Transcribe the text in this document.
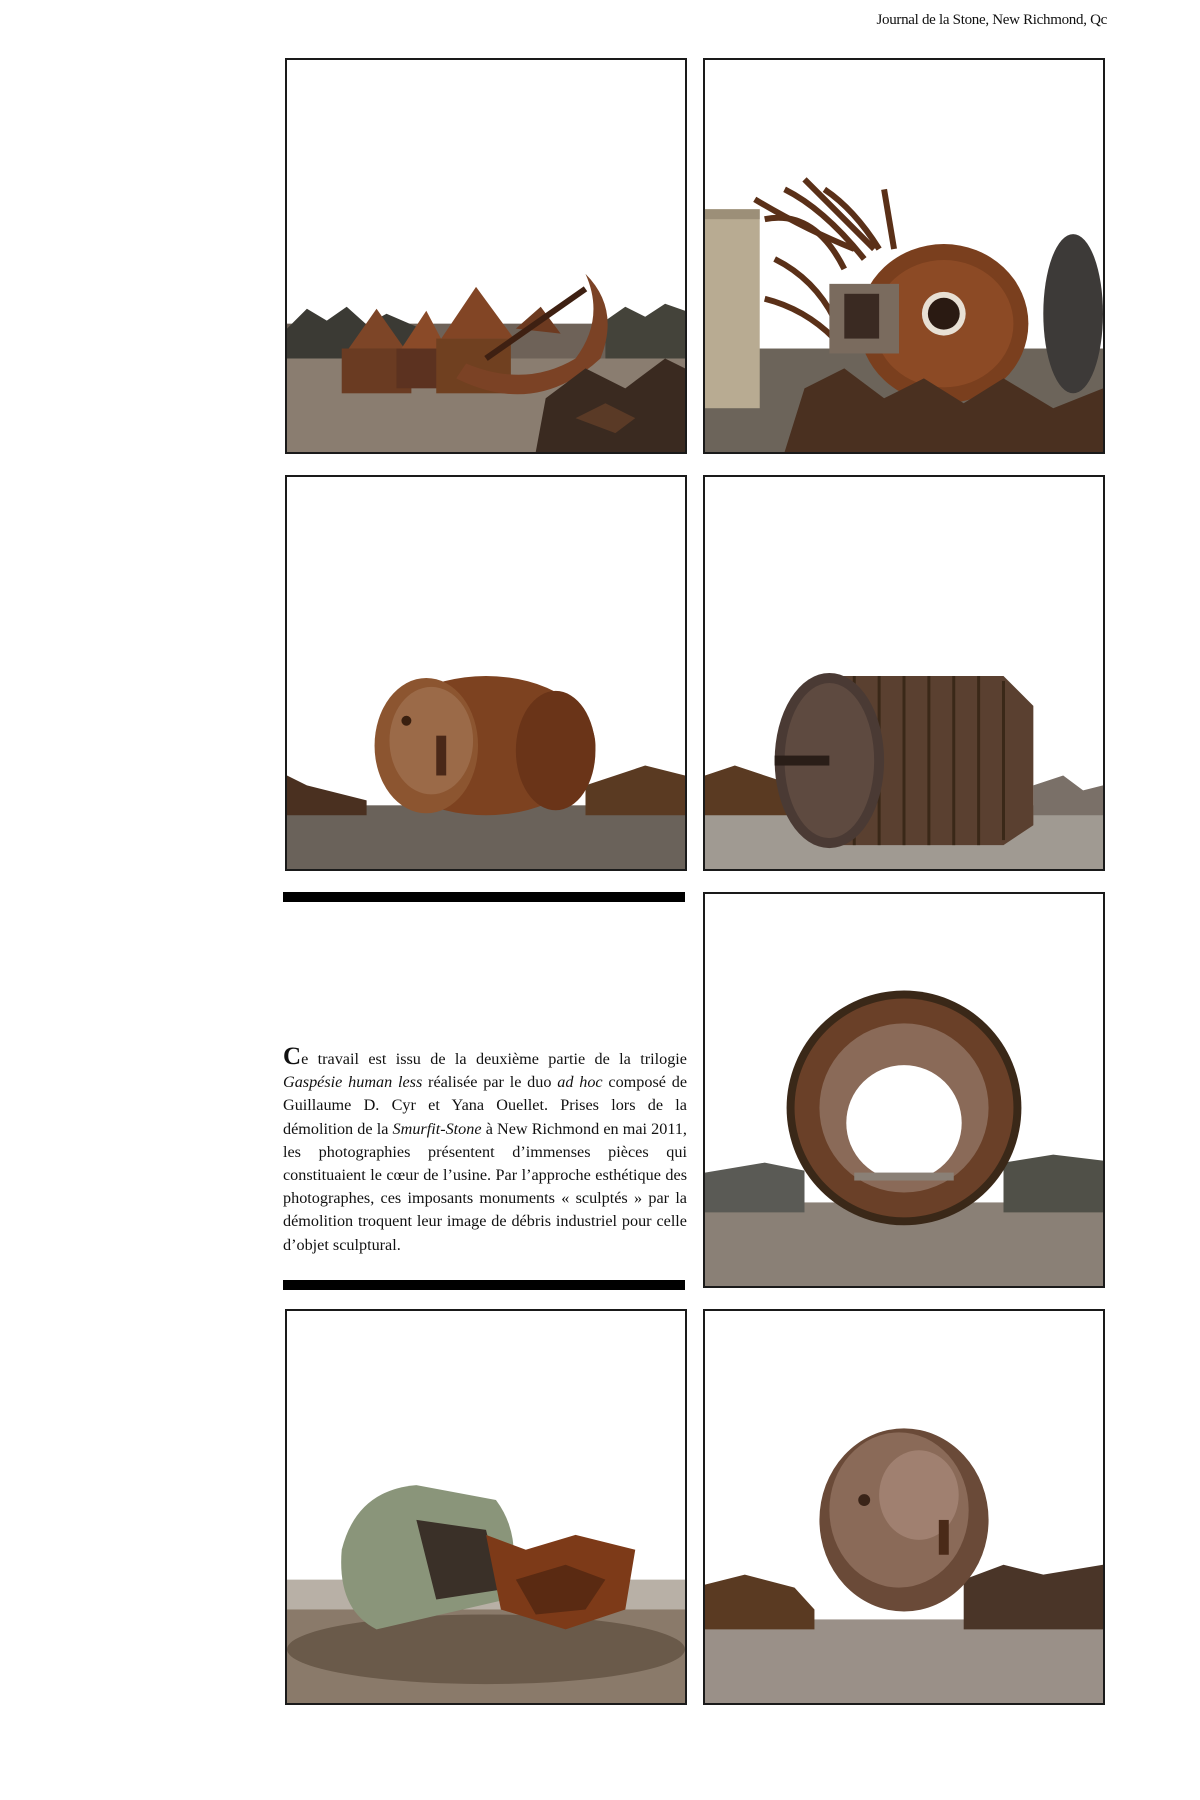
Journal de la Stone, New Richmond, Qc

Ce travail est issu de la deuxième partie de la trilogie Gaspésie human less réalisée par le duo ad hoc composé de Guillaume D. Cyr et Yana Ouellet. Prises lors de la démolition de la Smurfit-Stone à New Richmond en mai 2011, les photographies présentent d’immenses pièces qui constituaient le cœur de l’usine. Par l’approche esthétique des photographes, ces imposants monuments « sculptés » par la démolition troquent leur image de débris industriel pour celle d’objet sculptural.
